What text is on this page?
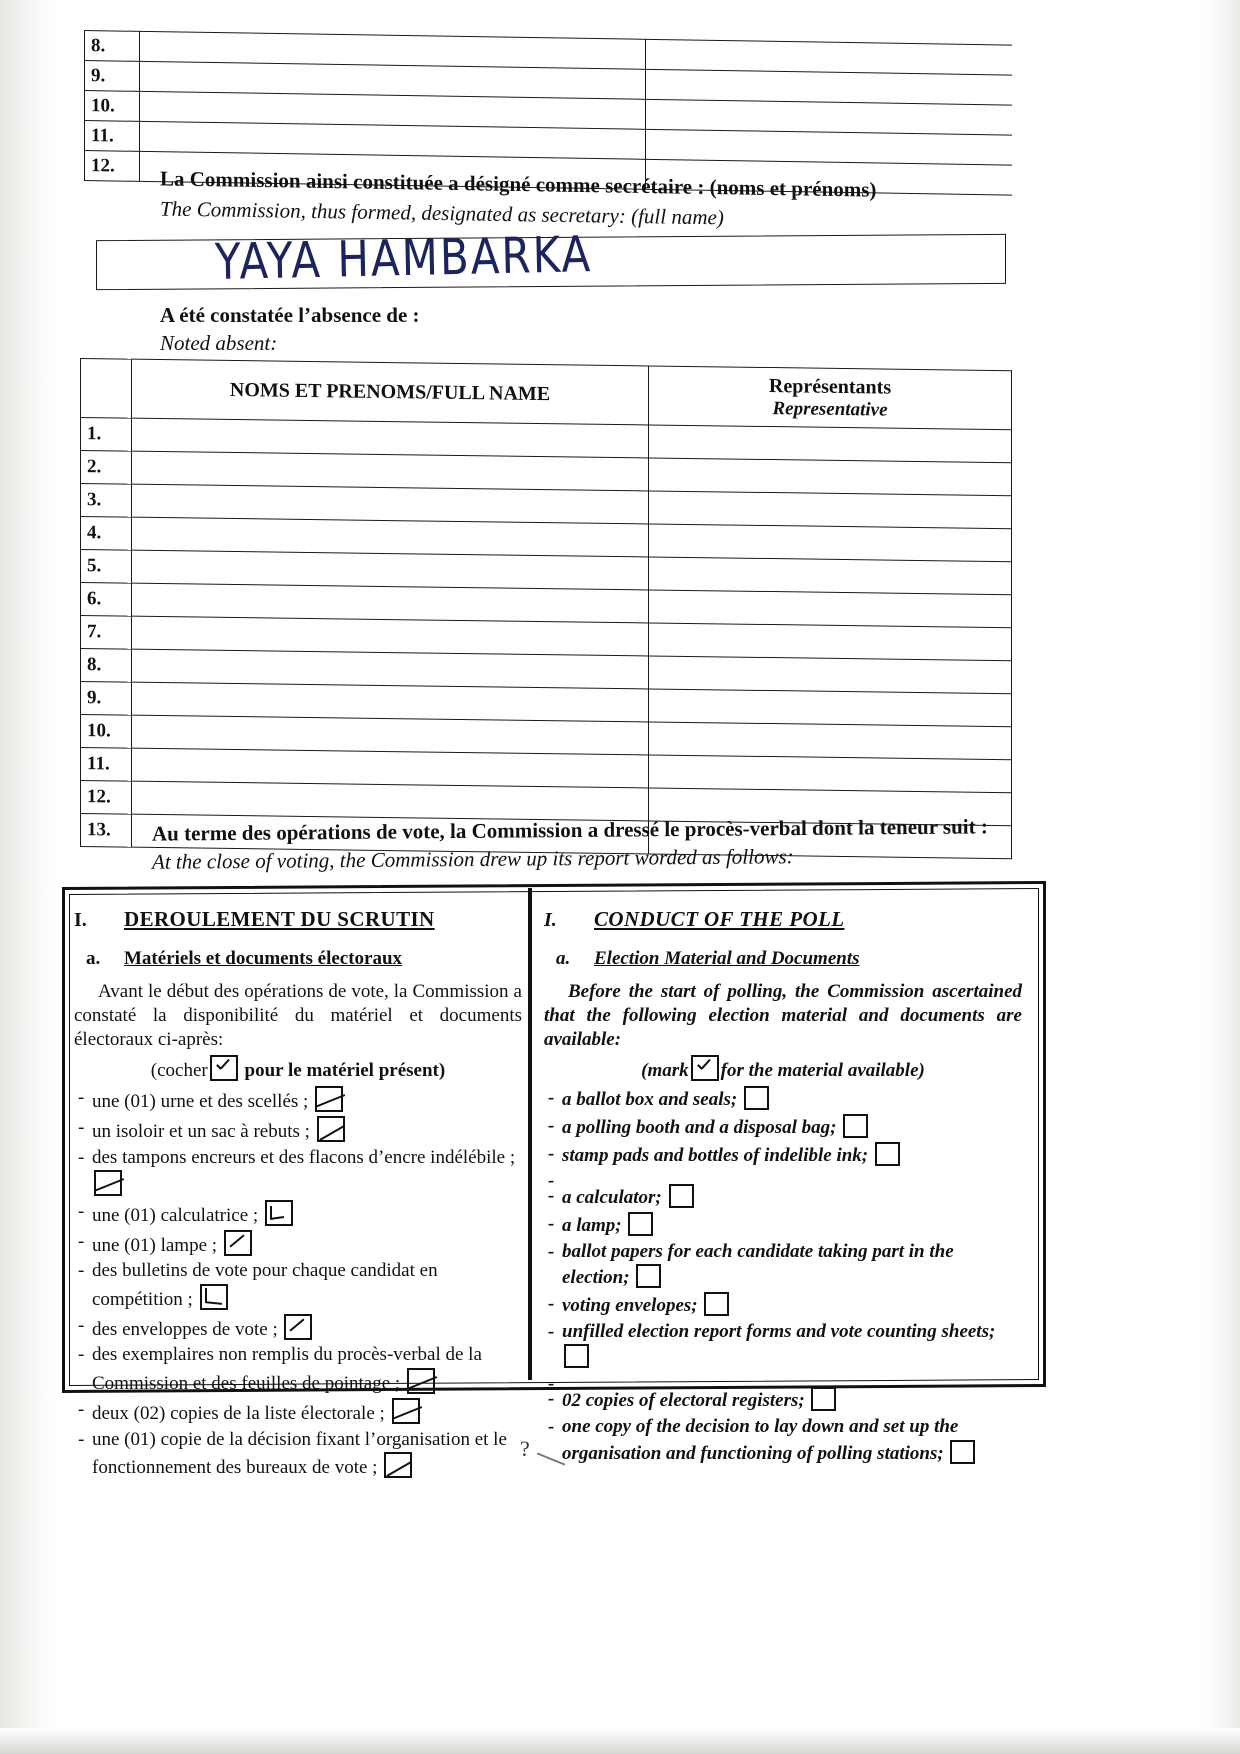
8.		
9.		
10.		
11.		
12.		
La Commission ainsi constituée a désigné comme secrétaire : (noms et prénoms)
The Commission, thus formed, designated as secretary: (full name)
YAYA HAMBARKA
A été constatée l’absence de :
Noted absent:
	NOMS ET PRENOMS/FULL NAME	Représentants
Representative

1.		
2.		
3.		
4.		
5.		
6.		
7.		
8.		
9.		
10.		
11.		
12.		
13.		Au terme des opérations de vote, la Commission a dressé le procès-verbal dont la teneur suit :
At the close of voting, the Commission drew up its report worded as follows:
I. DEROULEMENT DU SCRUTIN
a. Matériels et documents électoraux
Avant le début des opérations de vote, la Commission a constaté la disponibilité du matériel et documents électoraux ci-après:
(cocher pour le matériel présent)
- une (01) urne et des scellés ;
- un isoloir et un sac à rebuts ;
- des tampons encreurs et des flacons d’encre indélébile ;
- une (01) calculatrice ;
- une (01) lampe ;
- des bulletins de vote pour chaque candidat en compétition ;
- des enveloppes de vote ;
- des exemplaires non remplis du procès-verbal de la Commission et des feuilles de pointage ;
- deux (02) copies de la liste électorale ;
- une (01) copie de la décision fixant l’organisation et le fonctionnement des bureaux de vote ;
I. CONDUCT OF THE POLL
a. Election Material and Documents
Before the start of polling, the Commission ascertained that the following election material and documents are available:
(mark for the material available)
- a ballot box and seals;
- a polling booth and a disposal bag;
- stamp pads and bottles of indelible ink;
-
- a calculator;
- a lamp;
- ballot papers for each candidate taking part in the election;
- voting envelopes;
- unfilled election report forms and vote counting sheets;
-
- 02 copies of electoral registers;
- one copy of the decision to lay down and set up the organisation and functioning of polling stations;
?
